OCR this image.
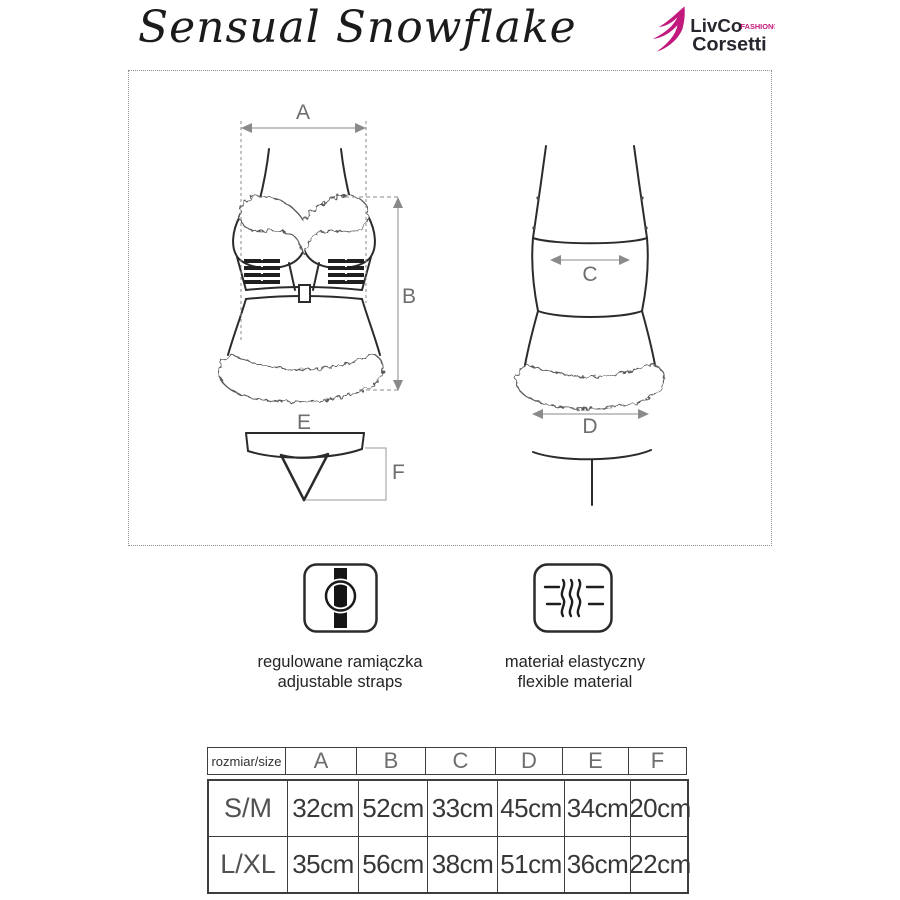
Sensual Snowflake	LivCo
FASHION®
Corsetti
A
B
C
D
E
F
regulowane ramiączka
adjustable straps
materiał elastyczny
flexible material
rozmiar/size A	B C D E F
S/M 32cm 52cm 33cm 45cm 34cm 20cm
L/XL 35cm 56cm 38cm 51cm 36cm 22cm
